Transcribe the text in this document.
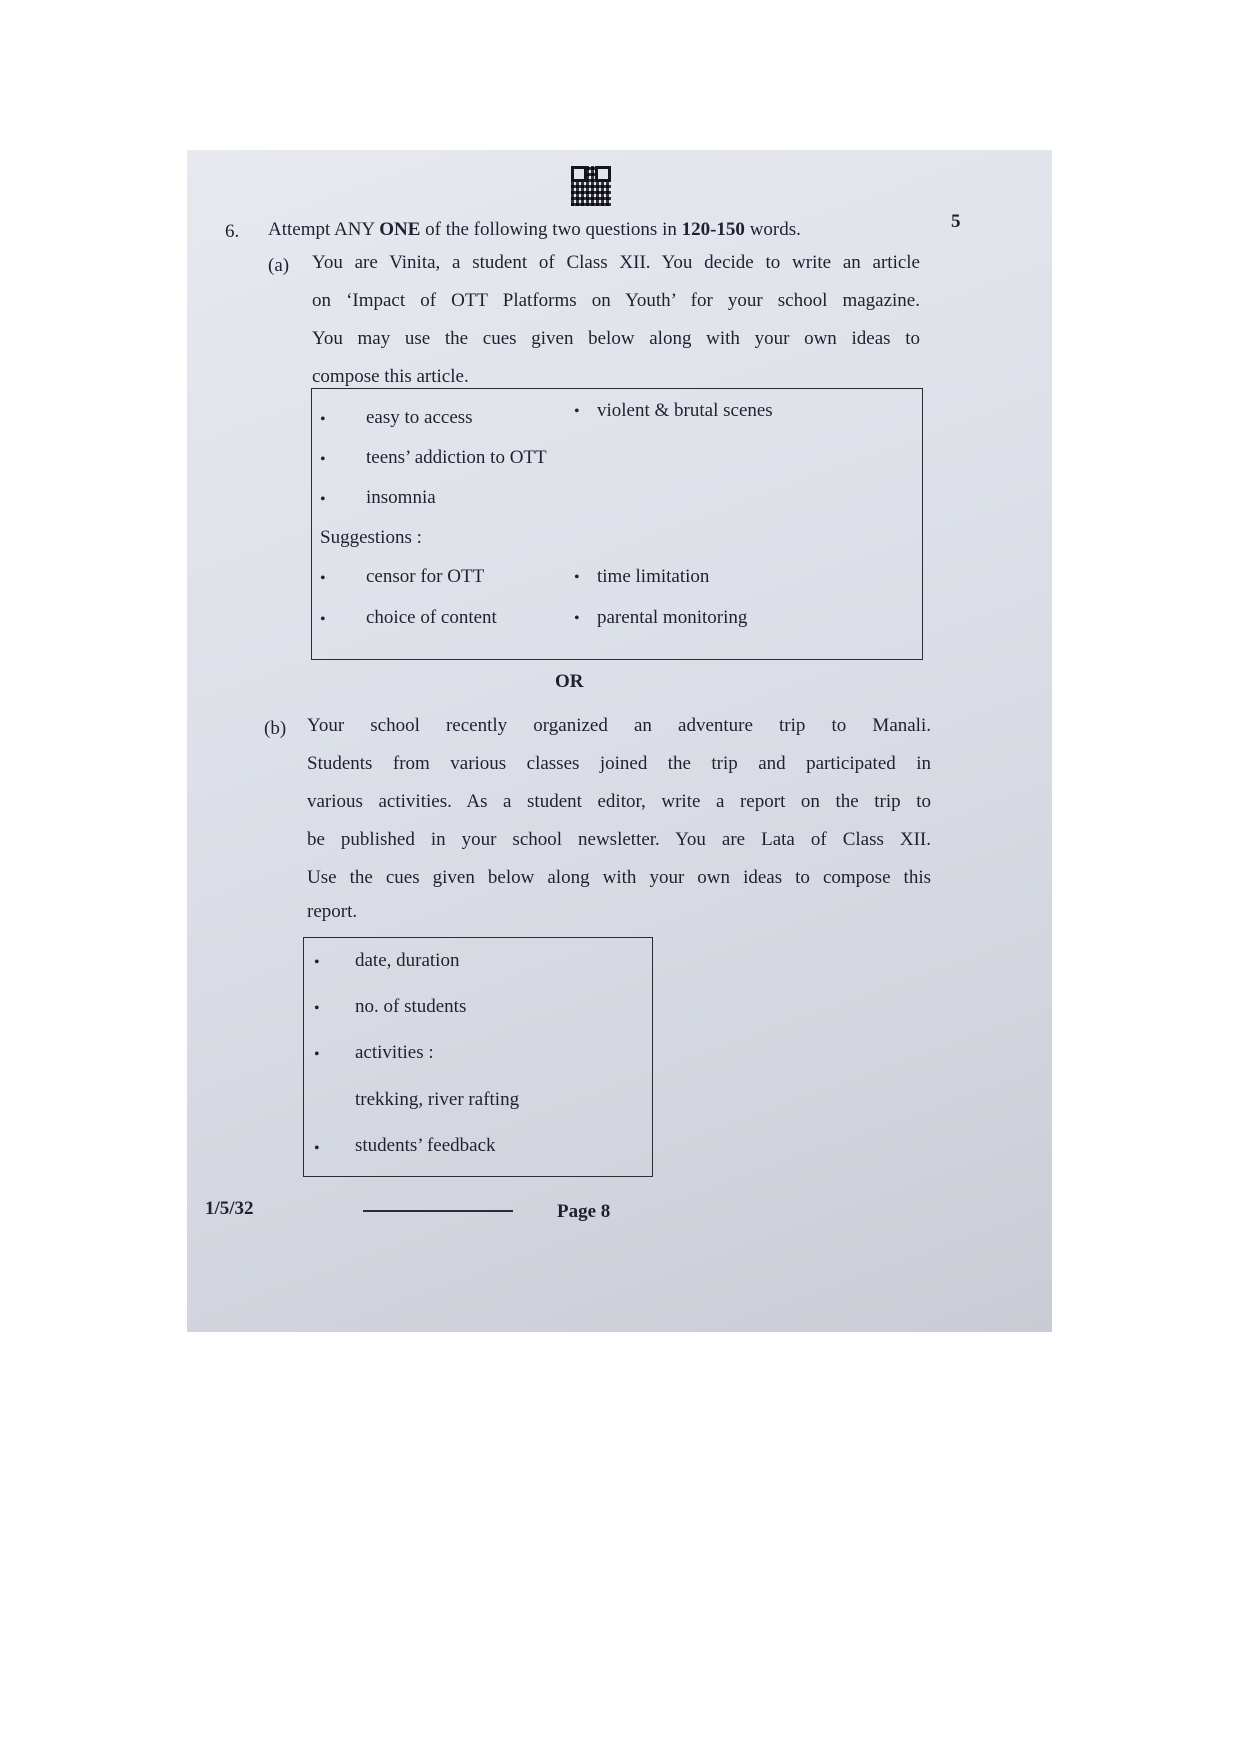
6. Attempt ANY ONE of the following two questions in 120-150 words.	5
(a) You are Vinita, a student of Class XII. You decide to write an article
on ‘Impact of OTT Platforms on Youth’ for your school magazine.
You may use the cues given below along with your own ideas to
compose this article.
• easy to access	• violent & brutal scenes
• teens’ addiction to OTT
• insomnia
Suggestions :
• censor for OTT	• time limitation
• choice of content	• parental monitoring
OR
(b) Your school recently organized an adventure trip to Manali.
Students from various classes joined the trip and participated in
various activities. As a student editor, write a report on the trip to
be published in your school newsletter. You are Lata of Class XII.
Use the cues given below along with your own ideas to compose this
report.
• date, duration
• no. of students
• activities :
trekking, river rafting
• students’ feedback
1/5/32	Page 8
